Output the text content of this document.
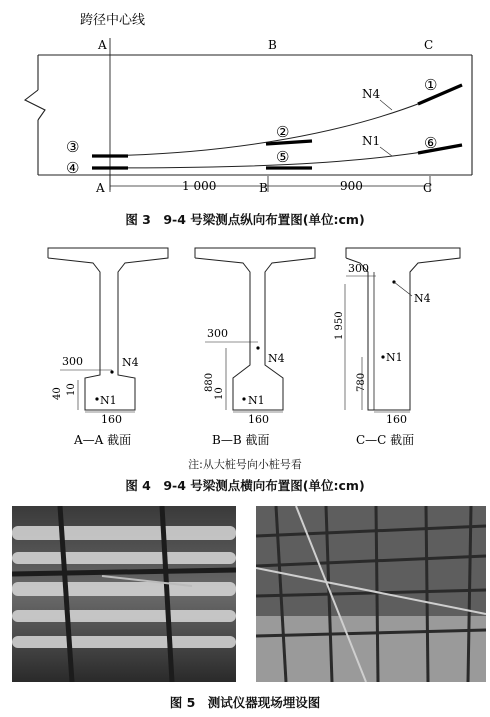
跨径中心线
A	B	C
A	B	C
1 000	900
N4
N1
①
②
③
④
⑤
⑥
图 3　9-4 号梁测点纵向布置图(单位:cm)
300	N4
N1
40 10
160
A—A 截面
300
N4
N1
880
10
160
B—B 截面
300
N4
N1
1 950
780
160
C—C 截面
注:从大桩号向小桩号看
图 4　9-4 号梁测点横向布置图(单位:cm)
图 5　测试仪器现场埋设图
